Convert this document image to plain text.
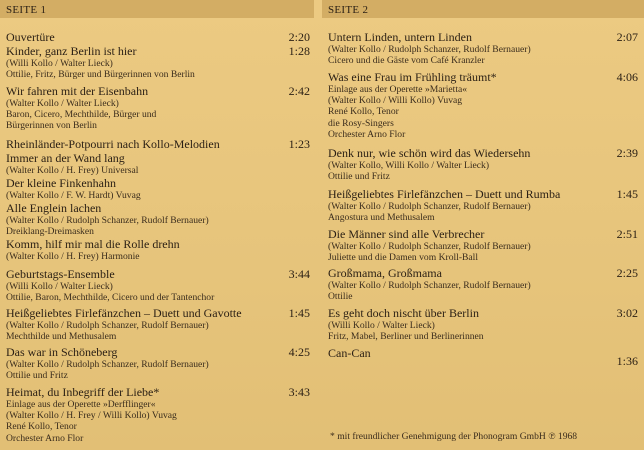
SEITE 1
Ouvertüre	2:20
Kinder, ganz Berlin ist hier	1:28
(Willi Kollo / Walter Lieck)
Ottilie, Fritz, Bürger und Bürgerinnen von Berlin
Wir fahren mit der Eisenbahn	2:42
(Walter Kollo / Walter Lieck)
Baron, Cicero, Mechthilde, Bürger und
Bürgerinnen von Berlin
Rheinländer-Potpourri nach Kollo-Melodien	1:23
Immer an der Wand lang
(Walter Kollo / H. Frey) Universal
Der kleine Finkenhahn
(Walter Kollo / F. W. Hardt) Vuvag
Alle Englein lachen
(Walter Kollo / Rudolph Schanzer, Rudolf Bernauer)
Dreiklang-Dreimasken
Komm, hilf mir mal die Rolle drehn
(Walter Kollo / H. Frey) Harmonie
Geburtstags-Ensemble	3:44
(Willi Kollo / Walter Lieck)
Ottilie, Baron, Mechthilde, Cicero und der Tantenchor
Heißgeliebtes Firlefänzchen – Duett und Gavotte	1:45
(Walter Kollo / Rudolph Schanzer, Rudolf Bernauer)
Mechthilde und Methusalem
Das war in Schöneberg	4:25
(Walter Kollo / Rudolph Schanzer, Rudolf Bernauer)
Ottilie und Fritz
Heimat, du Inbegriff der Liebe*	3:43
Einlage aus der Operette »Derfflinger«
(Walter Kollo / H. Frey / Willi Kollo) Vuvag
René Kollo, Tenor
Orchester Arno Flor
SEITE 2
Untern Linden, untern Linden	2:07
(Walter Kollo / Rudolph Schanzer, Rudolf Bernauer)
Cicero und die Gäste vom Café Kranzler
Was eine Frau im Frühling träumt*	4:06
Einlage aus der Operette »Marietta«
(Walter Kollo / Willi Kollo) Vuvag
René Kollo, Tenor
die Rosy-Singers
Orchester Arno Flor
Denk nur, wie schön wird das Wiedersehn	2:39
(Walter Kollo, Willi Kollo / Walter Lieck)
Ottilie und Fritz
Heißgeliebtes Firlefänzchen – Duett und Rumba	1:45
(Walter Kollo / Rudolph Schanzer, Rudolf Bernauer)
Angostura und Methusalem
Die Männer sind alle Verbrecher	2:51
(Walter Kollo / Rudolph Schanzer, Rudolf Bernauer)
Juliette und die Damen vom Kroll-Ball
Großmama, Großmama	2:25
(Walter Kollo / Rudolph Schanzer, Rudolf Bernauer)
Ottilie
Es geht doch nischt über Berlin	3:02
(Willi Kollo / Walter Lieck)
Fritz, Mabel, Berliner und Berlinerinnen
Can-Can
1:36
* mit freundlicher Genehmigung der Phonogram GmbH ℗ 1968
